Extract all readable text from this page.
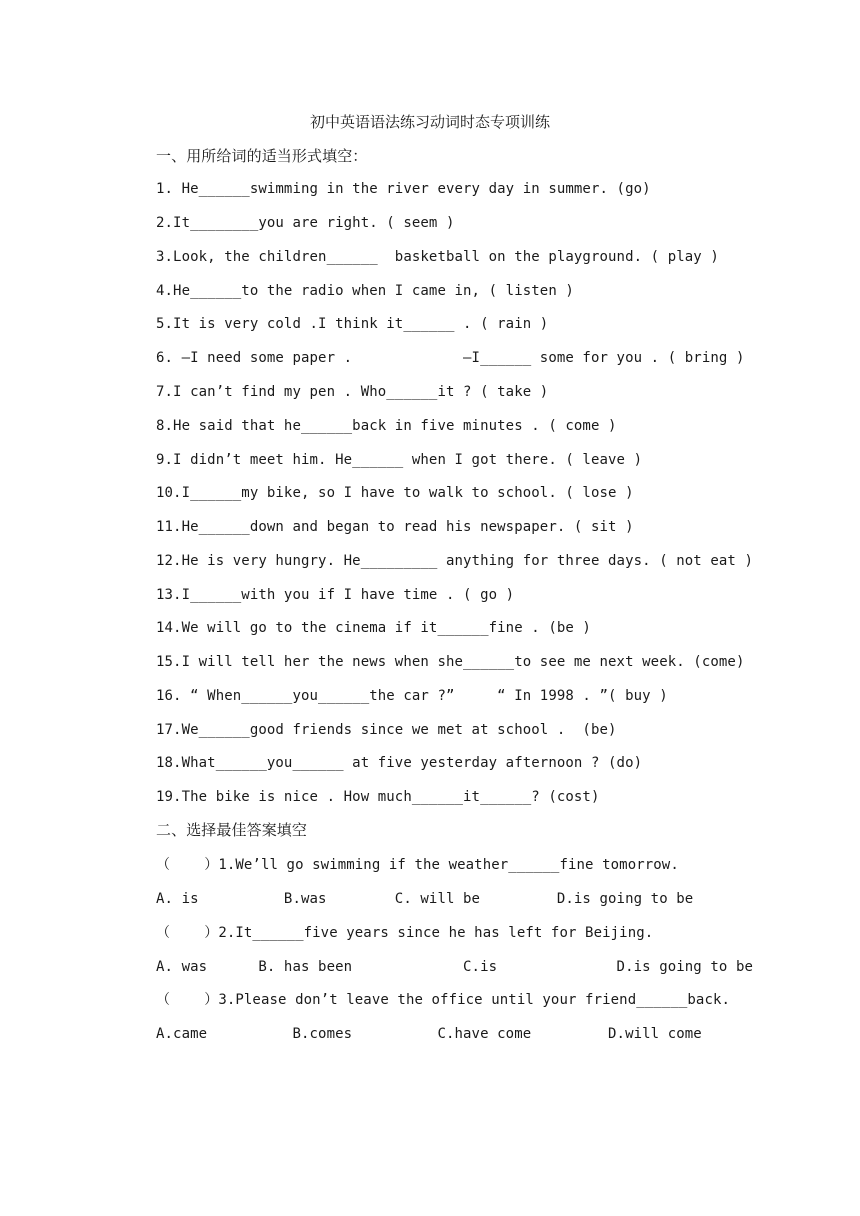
初中英语语法练习动词时态专项训练
一、用所给词的适当形式填空：
1. He______swimming in the river every day in summer. (go)
2.It________you are right. ( seem )
3.Look, the children______  basketball on the playground. ( play )
4.He______to the radio when I came in, ( listen )
5.It is very cold .I think it______ . ( rain )
6. —I need some paper .             —I______ some for you . ( bring )
7.I can’t find my pen . Who______it ? ( take )
8.He said that he______back in five minutes . ( come )
9.I didn’t meet him. He______ when I got there. ( leave )
10.I______my bike, so I have to walk to school. ( lose )
11.He______down and began to read his newspaper. ( sit )
12.He is very hungry. He_________ anything for three days. ( not eat )
13.I______with you if I have time . ( go )
14.We will go to the cinema if it______fine . (be )
15.I will tell her the news when she______to see me next week. (come)
16. “ When______you______the car ?”     “ In 1998 . ”( buy )
17.We______good friends since we met at school .  (be)
18.What______you______ at five yesterday afternoon ? (do)
19.The bike is nice . How much______it______? (cost)
二、选择最佳答案填空
（    ）1.We’ll go swimming if the weather______fine tomorrow.
A. is          B.was        C. will be         D.is going to be
（    ）2.It______five years since he has left for Beijing.
A. was      B. has been             C.is              D.is going to be
（    ）3.Please don’t leave the office until your friend______back.
A.came          B.comes          C.have come         D.will come
